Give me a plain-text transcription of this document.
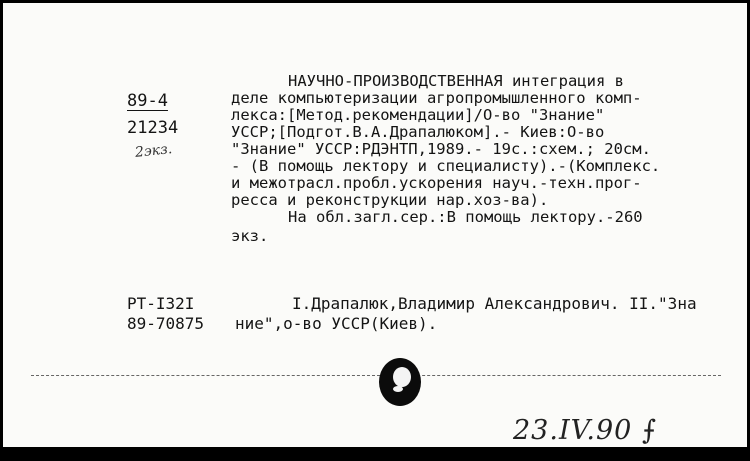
89-4
21234
2экз.
НАУЧНО-ПРОИЗВОДСТВЕННАЯ интеграция в
деле компьютеризации агропромышленного комп-
лекса:[Метод.рекомендации]/О-во "Знание"
УССР;[Подгот.В.А.Драпалюком].- Киев:О-во
"Знание" УССР:РДЭНТП,1989.- 19с.:схем.; 20см.
- (В помощь лектору и специалисту).-(Комплекс.
и межотрасл.пробл.ускорения науч.-техн.прог-
ресса и реконструкции нар.хоз-ва).
На обл.загл.сер.:В помощь лектору.-260
экз.
PT-I32I
89-70875
I.Драпалюк,Владимир Александрович. II."Зна
ние",о-во УССР(Киев).
23.IV.90 ⨍
